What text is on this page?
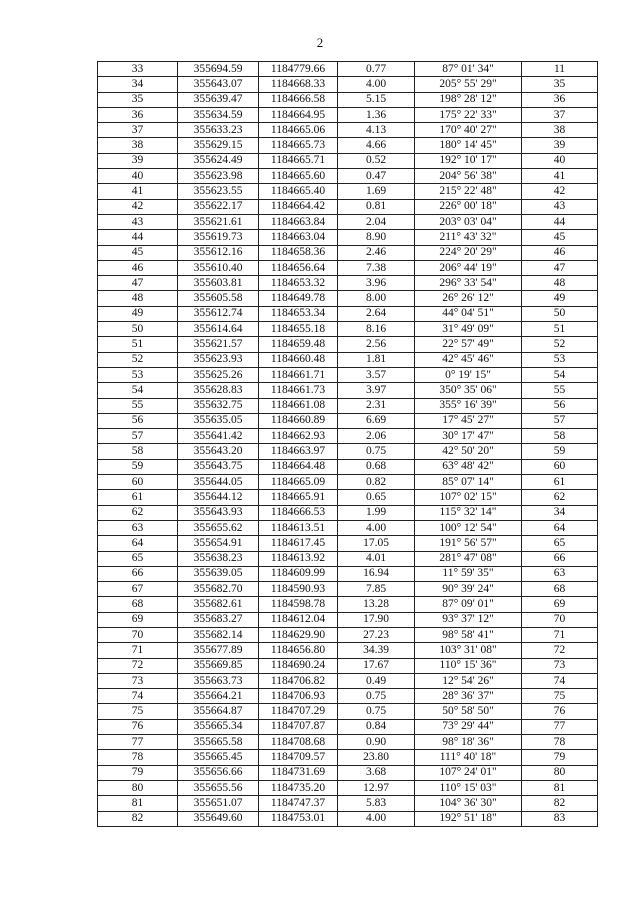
2
33	355694.59	1184779.66	0.77	87° 01' 34"	11
34	355643.07	1184668.33	4.00	205° 55' 29"	35
35	355639.47	1184666.58	5.15	198° 28' 12"	36
36	355634.59	1184664.95	1.36	175° 22' 33"	37
37	355633.23	1184665.06	4.13	170° 40' 27"	38
38	355629.15	1184665.73	4.66	180° 14' 45"	39
39	355624.49	1184665.71	0.52	192° 10' 17"	40
40	355623.98	1184665.60	0.47	204° 56' 38"	41
41	355623.55	1184665.40	1.69	215° 22' 48"	42
42	355622.17	1184664.42	0.81	226° 00' 18"	43
43	355621.61	1184663.84	2.04	203° 03' 04"	44
44	355619.73	1184663.04	8.90	211° 43' 32"	45
45	355612.16	1184658.36	2.46	224° 20' 29"	46
46	355610.40	1184656.64	7.38	206° 44' 19"	47
47	355603.81	1184653.32	3.96	296° 33' 54"	48
48	355605.58	1184649.78	8.00	26° 26' 12"	49
49	355612.74	1184653.34	2.64	44° 04' 51"	50
50	355614.64	1184655.18	8.16	31° 49' 09"	51
51	355621.57	1184659.48	2.56	22° 57' 49"	52
52	355623.93	1184660.48	1.81	42° 45' 46"	53
53	355625.26	1184661.71	3.57	0° 19' 15"	54
54	355628.83	1184661.73	3.97	350° 35' 06"	55
55	355632.75	1184661.08	2.31	355° 16' 39"	56
56	355635.05	1184660.89	6.69	17° 45' 27"	57
57	355641.42	1184662.93	2.06	30° 17' 47"	58
58	355643.20	1184663.97	0.75	42° 50' 20"	59
59	355643.75	1184664.48	0.68	63° 48' 42"	60
60	355644.05	1184665.09	0.82	85° 07' 14"	61
61	355644.12	1184665.91	0.65	107° 02' 15"	62
62	355643.93	1184666.53	1.99	115° 32' 14"	34
63	355655.62	1184613.51	4.00	100° 12' 54"	64
64	355654.91	1184617.45	17.05	191° 56' 57"	65
65	355638.23	1184613.92	4.01	281° 47' 08"	66
66	355639.05	1184609.99	16.94	11° 59' 35"	63
67	355682.70	1184590.93	7.85	90° 39' 24"	68
68	355682.61	1184598.78	13.28	87° 09' 01"	69
69	355683.27	1184612.04	17.90	93° 37' 12"	70
70	355682.14	1184629.90	27.23	98° 58' 41"	71
71	355677.89	1184656.80	34.39	103° 31' 08"	72
72	355669.85	1184690.24	17.67	110° 15' 36"	73
73	355663.73	1184706.82	0.49	12° 54' 26"	74
74	355664.21	1184706.93	0.75	28° 36' 37"	75
75	355664.87	1184707.29	0.75	50° 58' 50"	76
76	355665.34	1184707.87	0.84	73° 29' 44"	77
77	355665.58	1184708.68	0.90	98° 18' 36"	78
78	355665.45	1184709.57	23.80	111° 40' 18"	79
79	355656.66	1184731.69	3.68	107° 24' 01"	80
80	355655.56	1184735.20	12.97	110° 15' 03"	81
81	355651.07	1184747.37	5.83	104° 36' 30"	82
82	355649.60	1184753.01	4.00	192° 51' 18"	83
